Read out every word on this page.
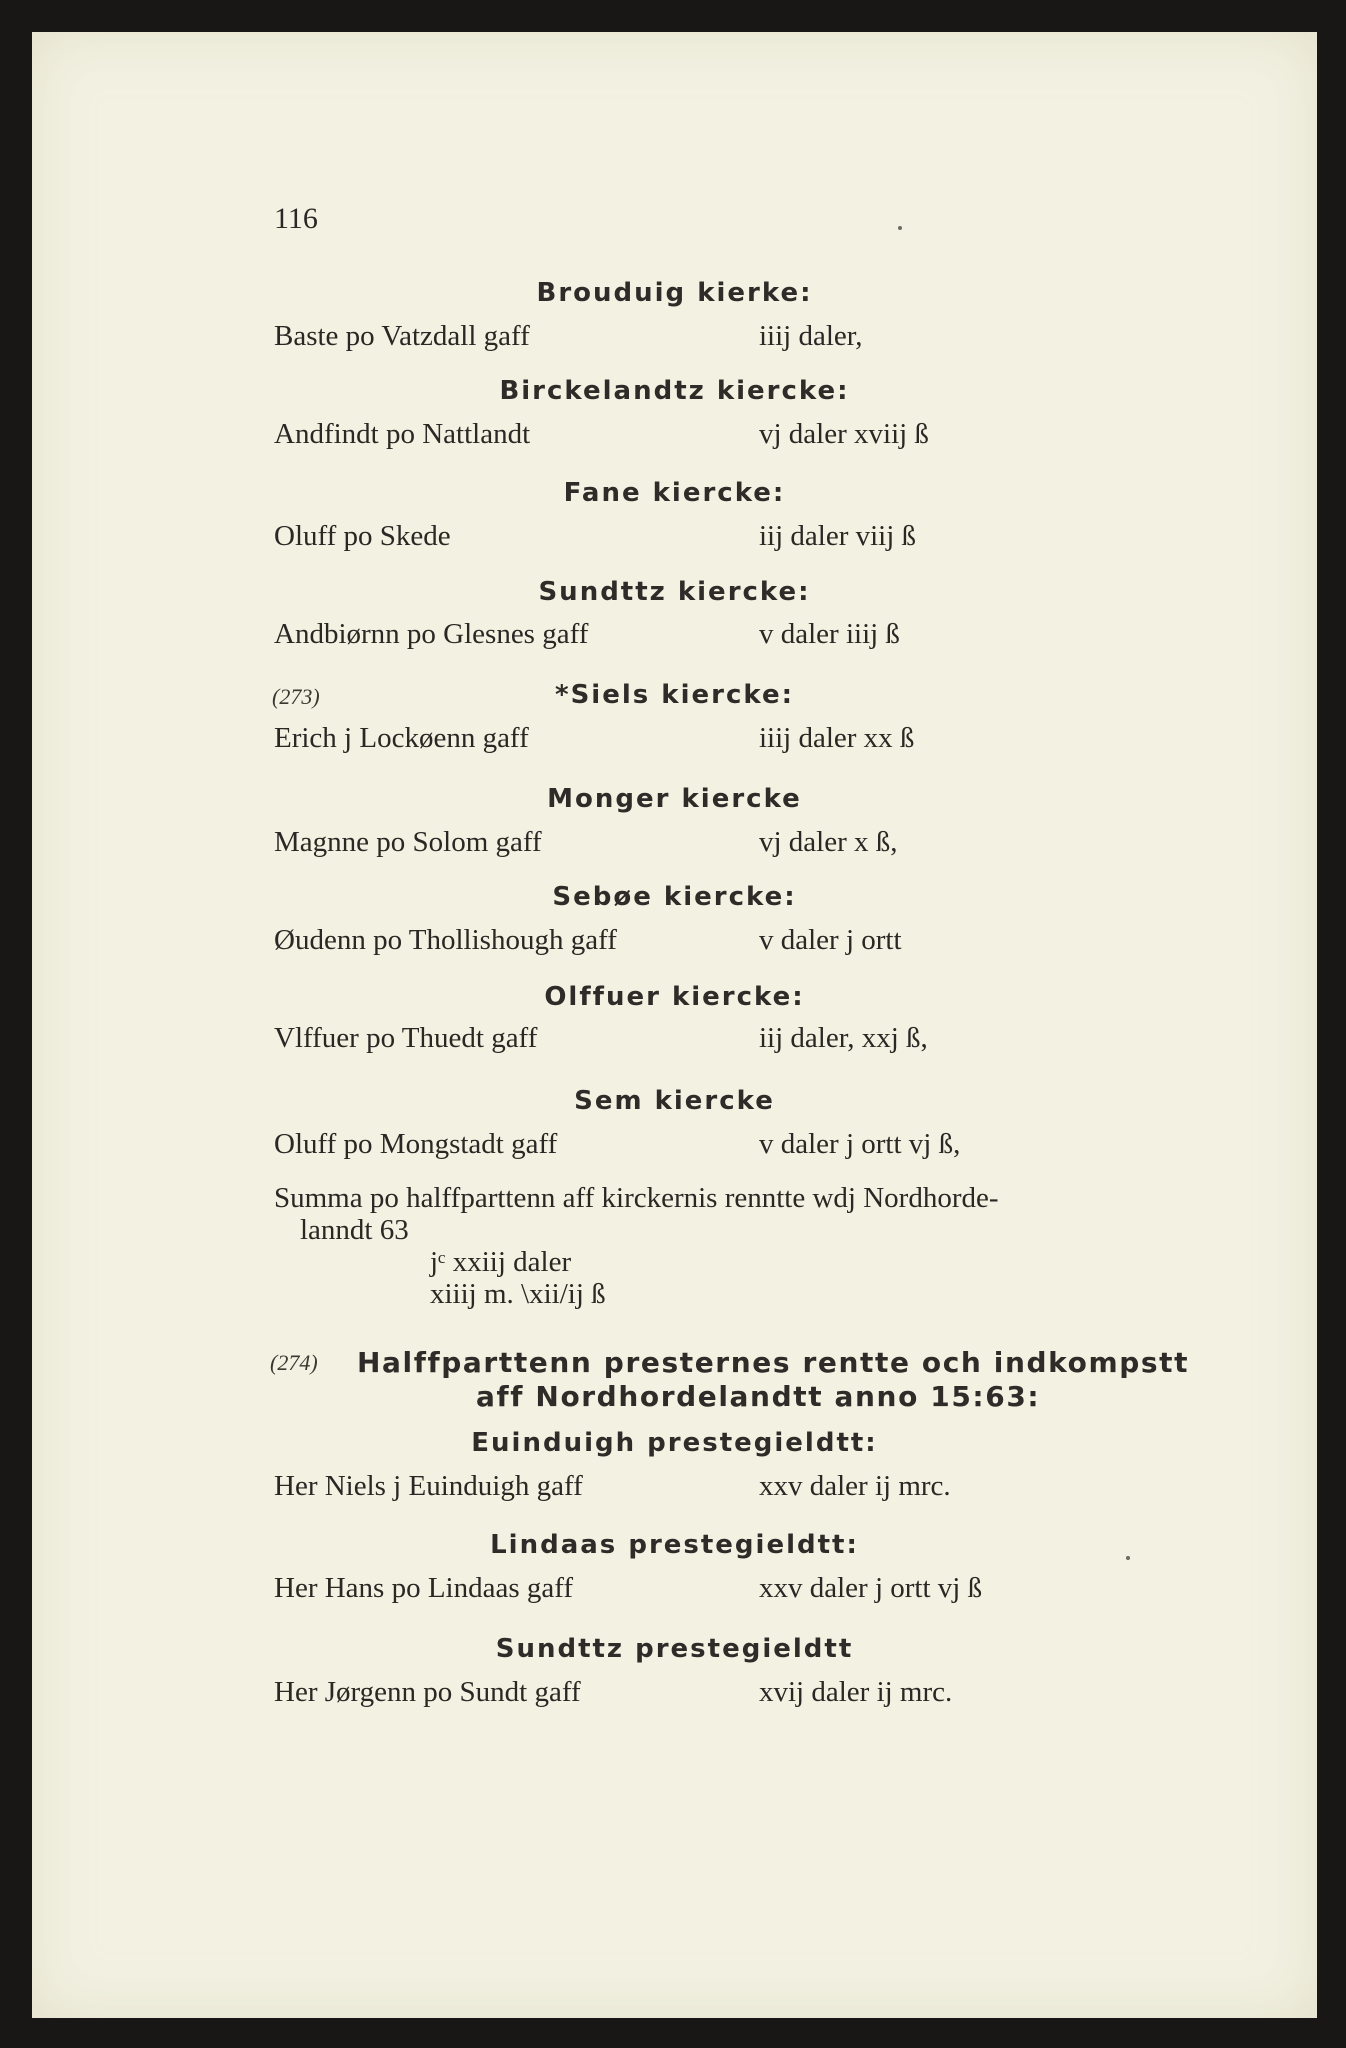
116
Brouduig kierke:
Baste po Vatzdall gaff	iiij daler,
Birckelandtz kiercke:
Andfindt po Nattlandt	vj daler xviij ß
Fane kiercke:
Oluff po Skede	iij daler viij ß
Sundttz kiercke:
Andbiørnn po Glesnes gaff	v daler iiij ß
(273)	*Siels kiercke:
Erich j Lockøenn gaff	iiij daler xx ß
Monger kiercke
Magnne po Solom gaff	vj daler x ß,
Sebøe kiercke:
Øudenn po Thollishough gaff	v daler j ortt
Olffuer kiercke:
Vlffuer po Thuedt gaff	iij daler, xxj ß,
Sem kiercke
Oluff po Mongstadt gaff	v daler j ortt vj ß,
Summa po halffparttenn aff kirckernis renntte wdj Nordhorde-
lanndt 63
jᶜ xxiij daler
xiiij m. \xii/ij ß
(274) Halffparttenn presternes rentte och indkompstt
aff Nordhordelandtt anno 15:63:
Euinduigh prestegieldtt:
Her Niels j Euinduigh gaff	xxv daler ij mrc.
Lindaas prestegieldtt:
Her Hans po Lindaas gaff	xxv daler j ortt vj ß
Sundttz prestegieldtt
Her Jørgenn po Sundt gaff	xvij daler ij mrc.
